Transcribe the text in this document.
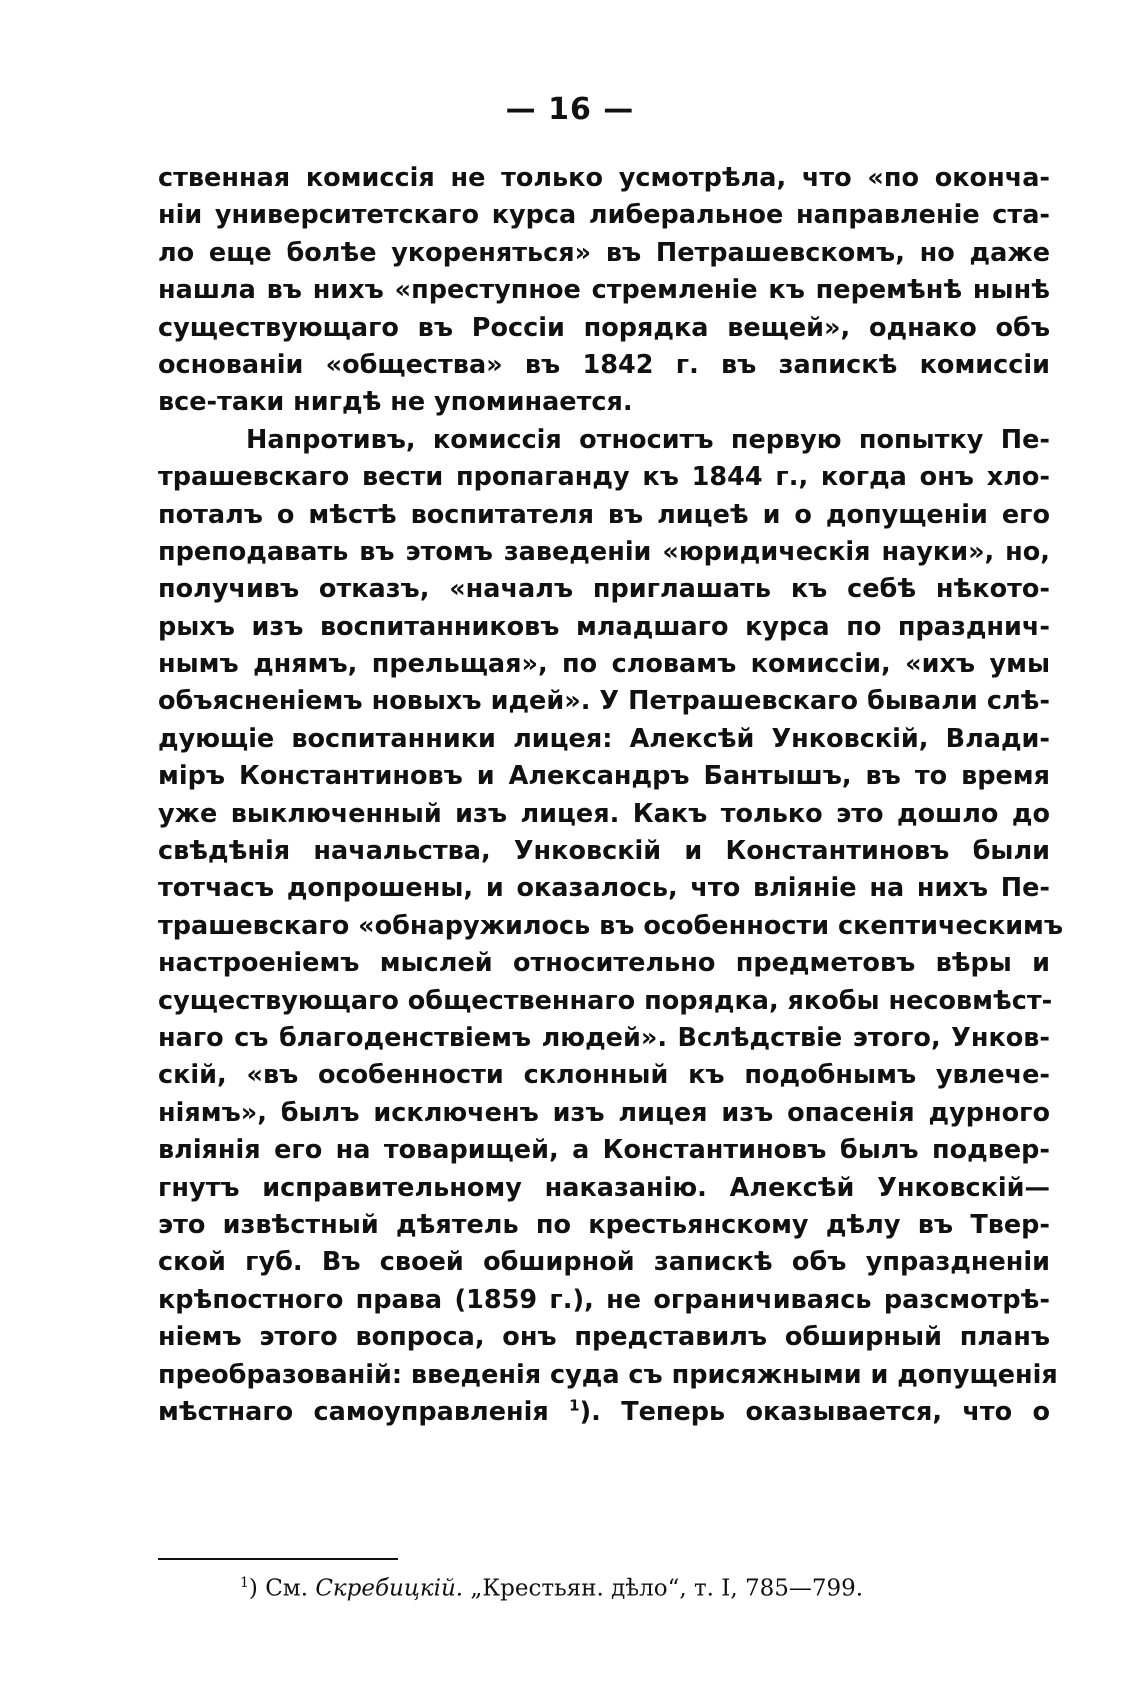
— 16 —
ственная комиссія не только усмотрѣла, что «по оконча-
ніи университетскаго курса либеральное направленіе ста-
ло еще болѣе укореняться» въ Петрашевскомъ, но даже
нашла въ нихъ «преступное стремленіе къ перемѣнѣ нынѣ
существующаго въ Россіи порядка вещей», однако объ
основаніи «общества» въ 1842 г. въ запискѣ комиссіи
все-таки нигдѣ не упоминается.
Напротивъ, комиссія относитъ первую попытку Пе-
трашевскаго вести пропаганду къ 1844 г., когда онъ хло-
поталъ о мѣстѣ воспитателя въ лицеѣ и о допущеніи его
преподавать въ этомъ заведеніи «юридическія науки», но,
получивъ отказъ, «началъ приглашать къ себѣ нѣкото-
рыхъ изъ воспитанниковъ младшаго курса по празднич-
нымъ днямъ, прельщая», по словамъ комиссіи, «ихъ умы
объясненіемъ новыхъ идей». У Петрашевскаго бывали слѣ-
дующіе воспитанники лицея: Алексѣй Унковскій, Влади-
міръ Константиновъ и Александръ Бантышъ, въ то время
уже выключенный изъ лицея. Какъ только это дошло до
свѣдѣнія начальства, Унковскій и Константиновъ были
тотчасъ допрошены, и оказалось, что вліяніе на нихъ Пе-
трашевскаго «обнаружилось въ особенности скептическимъ
настроеніемъ мыслей относительно предметовъ вѣры и
существующаго общественнаго порядка, якобы несовмѣст-
наго съ благоденствіемъ людей». Вслѣдствіе этого, Унков-
скій, «въ особенности склонный къ подобнымъ увлече-
ніямъ», былъ исключенъ изъ лицея изъ опасенія дурного
вліянія его на товарищей, а Константиновъ былъ подвер-
гнутъ исправительному наказанію. Алексѣй Унковскій—
это извѣстный дѣятель по крестьянскому дѣлу въ Твер-
ской губ. Въ своей обширной запискѣ объ упраздненіи
крѣпостного права (1859 г.), не ограничиваясь разсмотрѣ-
ніемъ этого вопроса, онъ представилъ обширный планъ
преобразованій: введенія суда съ присяжными и допущенія
мѣстнаго самоуправленія $^1$). Теперь оказывается, что о
$^1$) См. Скребицкій. „Крестьян. дѣло“, т. I, 785—799.
